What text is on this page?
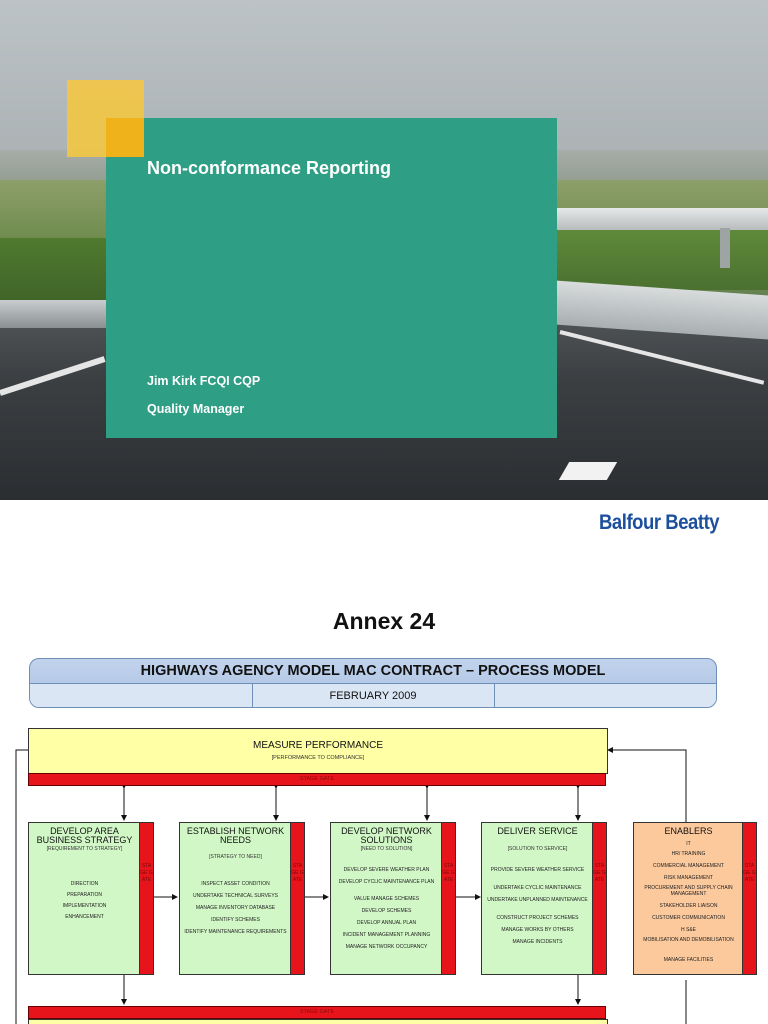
Non-conformance Reporting
Jim Kirk FCQI CQP
Quality Manager
Balfour Beatty
Annex 24
HIGHWAYS AGENCY MODEL MAC CONTRACT – PROCESS MODEL
FEBRUARY 2009
MEASURE PERFORMANCE
[PERFORMANCE TO COMPLIANCE]
STAGE GATE
DEVELOP AREA BUSINESS STRATEGY
[REQUIREMENT TO STRATEGY]
DIRECTION
PREPARATION
IMPLEMENTATION
ENHANCEMENT
STAGE GATE
ESTABLISH NETWORK NEEDS
[STRATEGY TO NEED]
INSPECT ASSET CONDITION
UNDERTAKE TECHNICAL SURVEYS
MANAGE INVENTORY DATABASE
IDENTIFY SCHEMES
IDENTIFY MAINTENANCE REQUIREMENTS
STAGE GATE
DEVELOP NETWORK SOLUTIONS
[NEED TO SOLUTION]
DEVELOP SEVERE WEATHER PLAN
DEVELOP CYCLIC MAINTENANCE PLAN
VALUE MANAGE SCHEMES
DEVELOP SCHEMES
DEVELOP ANNUAL PLAN
INCIDENT MANAGEMENT PLANNING
MANAGE NETWORK OCCUPANCY
STAGE GATE
DELIVER SERVICE
[SOLUTION TO SERVICE]
PROVIDE SEVERE WEATHER SERVICE
UNDERTAKE CYCLIC MAINTENANCE
UNDERTAKE UNPLANNED MAINTENANCE
CONSTRUCT PROJECT SCHEMES
MANAGE WORKS BY OTHERS
MANAGE INCIDENTS
STAGE GATE
ENABLERS
IT
HR/ TRAINING
COMMERCIAL MANAGEMENT
RISK MANAGEMENT
PROCUREMENT AND SUPPLY CHAIN MANAGEMENT
STAKEHOLDER LIAISON
CUSTOMER COMMUNICATION
H S&E
MOBILISATION AND DEMOBILISATION
MANAGE FACILITIES
STAGE GATE
STAGE GATE
